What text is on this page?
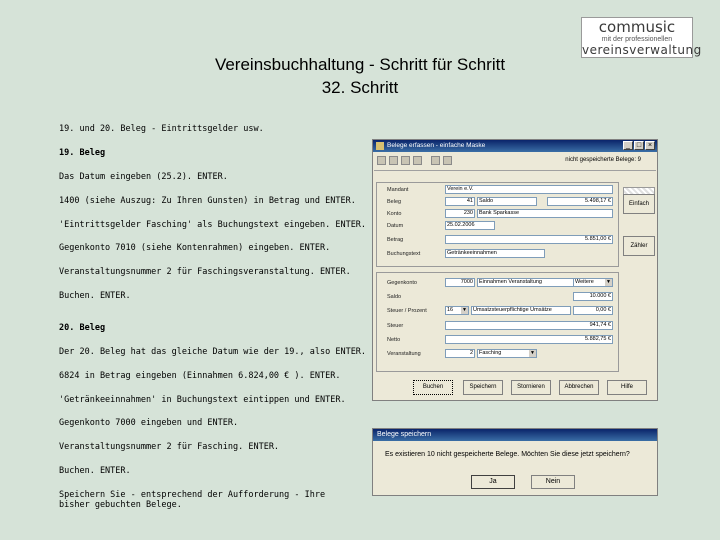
commusic
mit der professionellen
vereinsverwaltung
Vereinsbuchhaltung - Schritt für Schritt
32. Schritt

19. und 20. Beleg - Eintrittsgelder usw.

19. Beleg

Das Datum eingeben (25.2). ENTER.

1400 (siehe Auszug: Zu Ihren Gunsten) in Betrag und ENTER.

'Eintrittsgelder Fasching' als Buchungstext eingeben. ENTER.

Gegenkonto 7010 (siehe Kontenrahmen) eingeben. ENTER.

Veranstaltungsnummer 2 für Faschingsveranstaltung. ENTER.

Buchen. ENTER.

20. Beleg

Der 20. Beleg hat das gleiche Datum wie der 19., also ENTER.

6824 in Betrag eingeben (Einnahmen 6.824,00 € ). ENTER.

'Getränkeeinnahmen' in Buchungstext eintippen und ENTER.

Gegenkonto 7000 eingeben und ENTER.

Veranstaltungsnummer 2 für Fasching. ENTER.

Buchen. ENTER.

Speichern Sie - entsprechend der Aufforderung - Ihre bisher gebuchten Belege.

Belege erfassen - einfache Maske	_ □ ×
nicht gespeicherte Belege: 9
Mandant	Verein e.V.
Beleg	41	Saldo	5.498,17 €
Konto	230	Bank Sparkasse
Datum	25.02.2006
Betrag	5.851,00 €
Buchungstext	Getränkeeinnahmen
Einfach
Zähler
Gegenkonto	7000	Einnahmen Veranstaltung	Weitere ▼
Saldo	10.000 €
Steuer / Prozent	16 ▼	Umsatzsteuerpflichtige Umsätze	0,00 €
Steuer	941,74 €
Netto	5.882,75 €
Veranstaltung	2	Fasching	▼
Buchen	Speichern	Stornieren	Abbrechen	Hilfe
Belege speichern
Es existieren 10 nicht gespeicherte Belege. Möchten Sie diese jetzt speichern?
Ja	Nein
